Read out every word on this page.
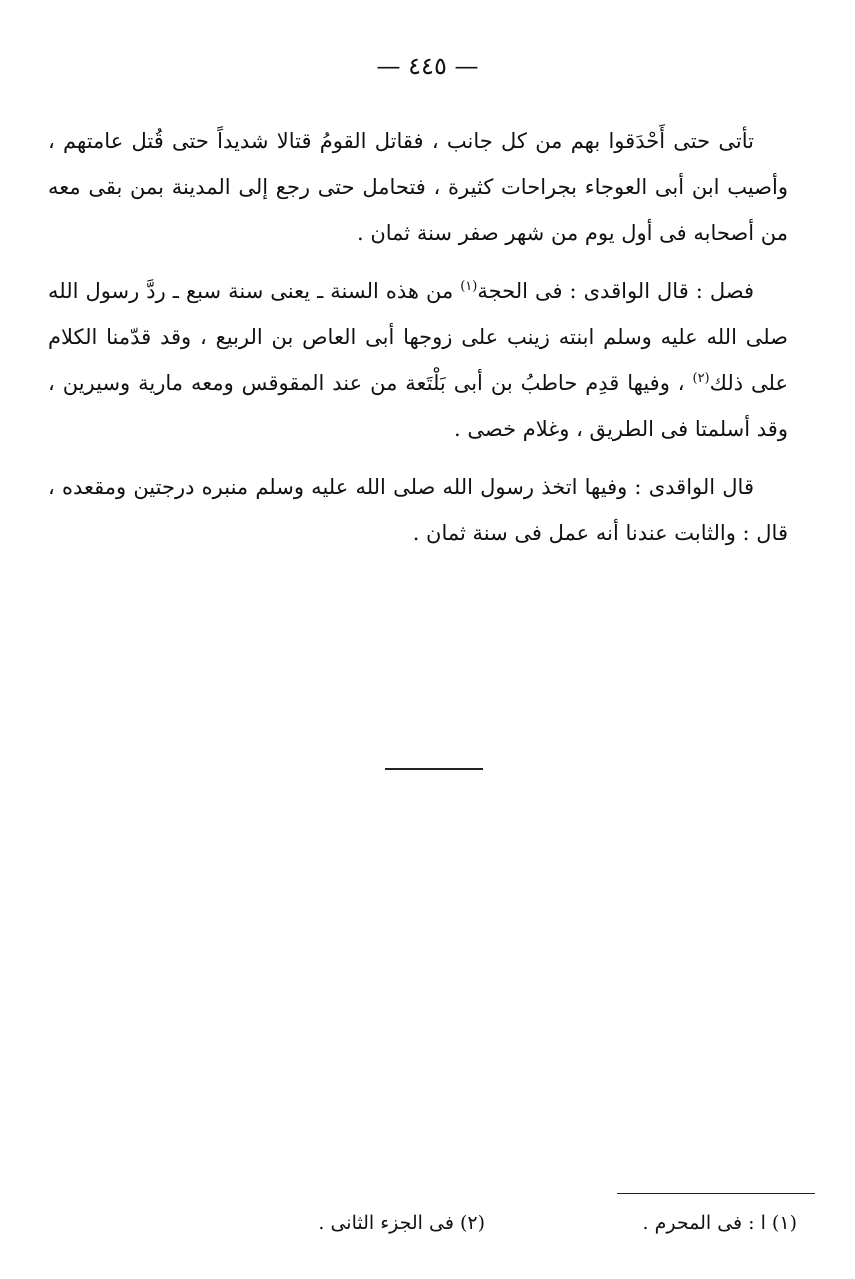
— ٤٤٥ —

تأتى حتى أَحْدَقوا بهم من كل جانب ، فقاتل القومُ قتالا شديداً حتى قُتل عامتهم ، وأصيب ابن أبى العوجاء بجراحات كثيرة ، فتحامل حتى رجع إلى المدينة بمن بقى معه من أصحابه فى أول يوم من شهر صفر سنة ثمان .

فصل : قال الواقدى : فى الحجة$^{(١)}$ من هذه السنة ـ يعنى سنة سبع ـ ردَّ رسول الله صلى الله عليه وسلم ابنته زينب على زوجها أبى العاص بن الربيع ، وقد قدّمنا الكلام على ذلك$^{(٢)}$ ، وفيها قدِم حاطبُ بن أبى بَلْتَعة من عند المقوقس ومعه مارية وسيرين ، وقد أسلمتا فى الطريق ، وغلام خصى .

قال الواقدى : وفيها اتخذ رسول الله صلى الله عليه وسلم منبره درجتين ومقعده ، قال : والثابت عندنا أنه عمل فى سنة ثمان .

(١) ا : فى المحرم .
(٢) فى الجزء الثانى .
